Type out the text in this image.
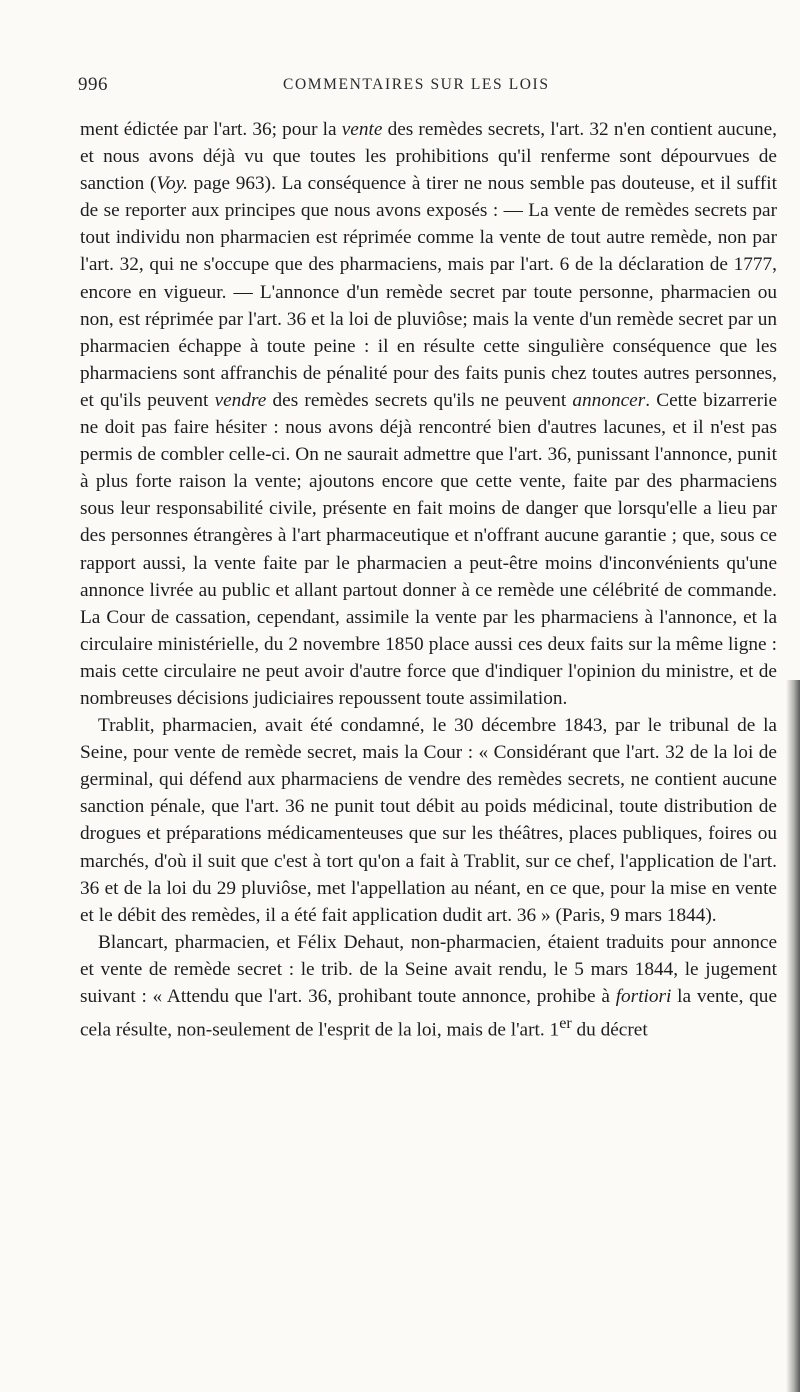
996	COMMENTAIRES SUR LES LOIS

ment édictée par l'art. 36; pour la vente des remèdes secrets, l'art. 32 n'en contient aucune, et nous avons déjà vu que toutes les prohibitions qu'il renferme sont dépourvues de sanction (Voy. page 963). La conséquence à tirer ne nous semble pas douteuse, et il suffit de se reporter aux principes que nous avons exposés : — La vente de remèdes secrets par tout individu non pharmacien est réprimée comme la vente de tout autre remède, non par l'art. 32, qui ne s'occupe que des pharmaciens, mais par l'art. 6 de la déclaration de 1777, encore en vigueur. — L'annonce d'un remède secret par toute personne, pharmacien ou non, est réprimée par l'art. 36 et la loi de pluviôse; mais la vente d'un remède secret par un pharmacien échappe à toute peine : il en résulte cette singulière conséquence que les pharmaciens sont affranchis de pénalité pour des faits punis chez toutes autres personnes, et qu'ils peuvent vendre des remèdes secrets qu'ils ne peuvent annoncer. Cette bizarrerie ne doit pas faire hésiter : nous avons déjà rencontré bien d'autres lacunes, et il n'est pas permis de combler celle-ci. On ne saurait admettre que l'art. 36, punissant l'annonce, punit à plus forte raison la vente; ajoutons encore que cette vente, faite par des pharmaciens sous leur responsabilité civile, présente en fait moins de danger que lorsqu'elle a lieu par des personnes étrangères à l'art pharmaceutique et n'offrant aucune garantie ; que, sous ce rapport aussi, la vente faite par le pharmacien a peut-être moins d'inconvénients qu'une annonce livrée au public et allant partout donner à ce remède une célébrité de commande. La Cour de cassation, cependant, assimile la vente par les pharmaciens à l'annonce, et la circulaire ministérielle, du 2 novembre 1850 place aussi ces deux faits sur la même ligne : mais cette circulaire ne peut avoir d'autre force que d'indiquer l'opinion du ministre, et de nombreuses décisions judiciaires repoussent toute assimilation.

Trablit, pharmacien, avait été condamné, le 30 décembre 1843, par le tribunal de la Seine, pour vente de remède secret, mais la Cour : « Considérant que l'art. 32 de la loi de germinal, qui défend aux pharmaciens de vendre des remèdes secrets, ne contient aucune sanction pénale, que l'art. 36 ne punit tout débit au poids médicinal, toute distribution de drogues et préparations médicamenteuses que sur les théâtres, places publiques, foires ou marchés, d'où il suit que c'est à tort qu'on a fait à Trablit, sur ce chef, l'application de l'art. 36 et de la loi du 29 pluviôse, met l'appellation au néant, en ce que, pour la mise en vente et le débit des remèdes, il a été fait application dudit art. 36 » (Paris, 9 mars 1844).

Blancart, pharmacien, et Félix Dehaut, non-pharmacien, étaient traduits pour annonce et vente de remède secret : le trib. de la Seine avait rendu, le 5 mars 1844, le jugement suivant : « Attendu que l'art. 36, prohibant toute annonce, prohibe à fortiori la vente, que cela résulte, non-seulement de l'esprit de la loi, mais de l'art. 1er du décret
